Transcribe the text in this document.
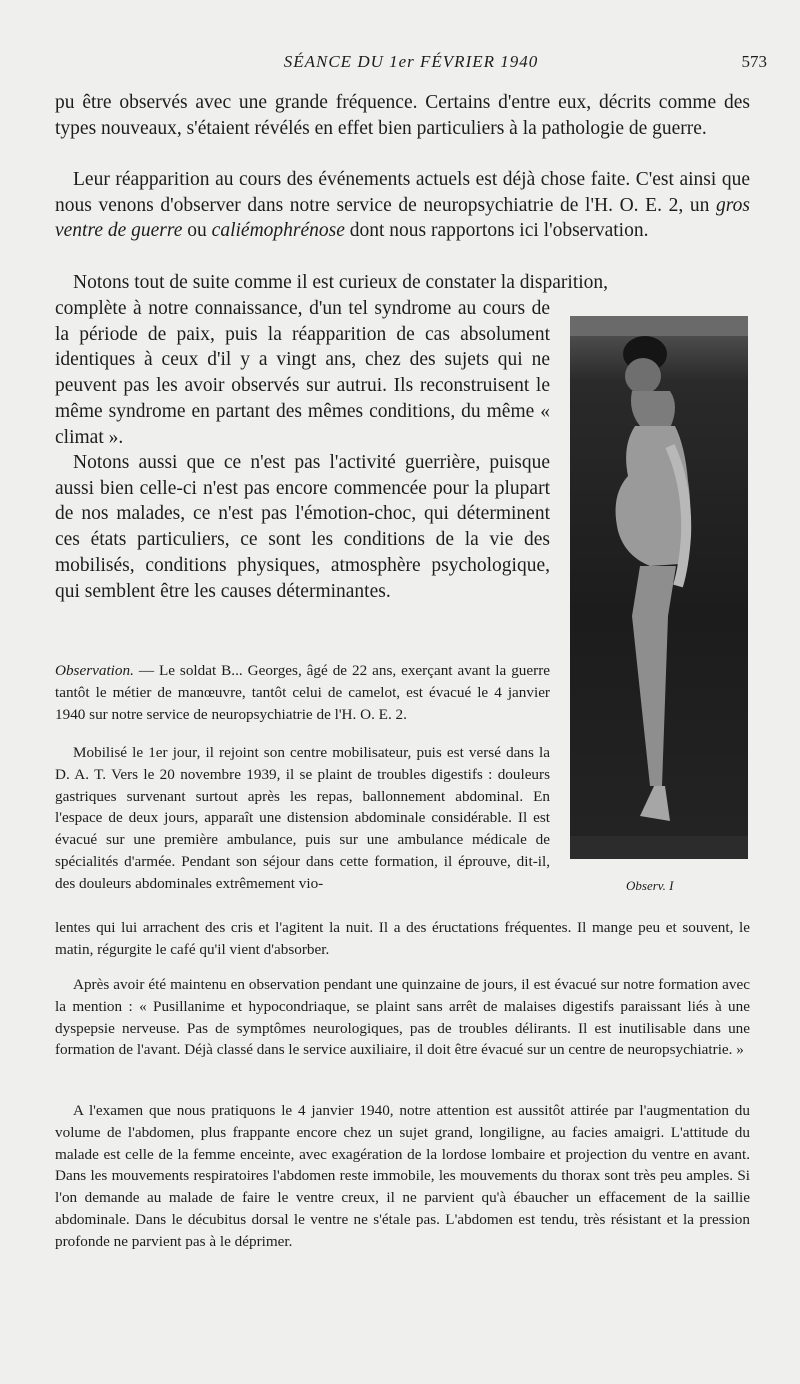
SÉANCE DU 1er FÉVRIER 1940	573
pu être observés avec une grande fréquence. Certains d'entre eux, décrits comme des types nouveaux, s'étaient révélés en effet bien particuliers à la pathologie de guerre.
Leur réapparition au cours des événements actuels est déjà chose faite. C'est ainsi que nous venons d'observer dans notre service de neuropsychiatrie de l'H. O. E. 2, un gros ventre de guerre ou caliémophrénose dont nous rapportons ici l'observation.
Notons tout de suite comme il est curieux de constater la disparition,
complète à notre connaissance, d'un tel syndrome au cours de la période de paix, puis la réapparition de cas absolument identiques à ceux d'il y a vingt ans, chez des sujets qui ne peuvent pas les avoir observés sur autrui. Ils reconstruisent le même syndrome en partant des mêmes conditions, du même « climat ».
Notons aussi que ce n'est pas l'activité guerrière, puisque aussi bien celle-ci n'est pas encore commencée pour la plupart de nos malades, ce n'est pas l'émotion-choc, qui déterminent ces états particuliers, ce sont les conditions de la vie des mobilisés, conditions physiques, atmosphère psychologique, qui semblent être les causes déterminantes.
Observation. — Le soldat B... Georges, âgé de 22 ans, exerçant avant la guerre tantôt le métier de manœuvre, tantôt celui de camelot, est évacué le 4 janvier 1940 sur notre service de neuropsychiatrie de l'H. O. E. 2.
Mobilisé le 1er jour, il rejoint son centre mobilisateur, puis est versé dans la D. A. T. Vers le 20 novembre 1939, il se plaint de troubles digestifs : douleurs gastriques survenant surtout après les repas, ballonnement abdominal. En l'espace de deux jours, apparaît une distension abdominale considérable. Il est évacué sur une première ambulance, puis sur une ambulance médicale de spécialités d'armée. Pendant son séjour dans cette formation, il éprouve, dit-il, des douleurs abdominales extrêmement vio-
lentes qui lui arrachent des cris et l'agitent la nuit. Il a des éructations fréquentes. Il mange peu et souvent, le matin, régurgite le café qu'il vient d'absorber.
Après avoir été maintenu en observation pendant une quinzaine de jours, il est évacué sur notre formation avec la mention : « Pusillanime et hypocondriaque, se plaint sans arrêt de malaises digestifs paraissant liés à une dyspepsie nerveuse. Pas de symptômes neurologiques, pas de troubles délirants. Il est inutilisable dans une formation de l'avant. Déjà classé dans le service auxiliaire, il doit être évacué sur un centre de neuropsychiatrie. »
A l'examen que nous pratiquons le 4 janvier 1940, notre attention est aussitôt attirée par l'augmentation du volume de l'abdomen, plus frappante encore chez un sujet grand, longiligne, au facies amaigri. L'attitude du malade est celle de la femme enceinte, avec exagération de la lordose lombaire et projection du ventre en avant. Dans les mouvements respiratoires l'abdomen reste immobile, les mouvements du thorax sont très peu amples. Si l'on demande au malade de faire le ventre creux, il ne parvient qu'à ébaucher un effacement de la saillie abdominale. Dans le décubitus dorsal le ventre ne s'étale pas. L'abdomen est tendu, très résistant et la pression profonde ne parvient pas à le déprimer.
Observ. I
